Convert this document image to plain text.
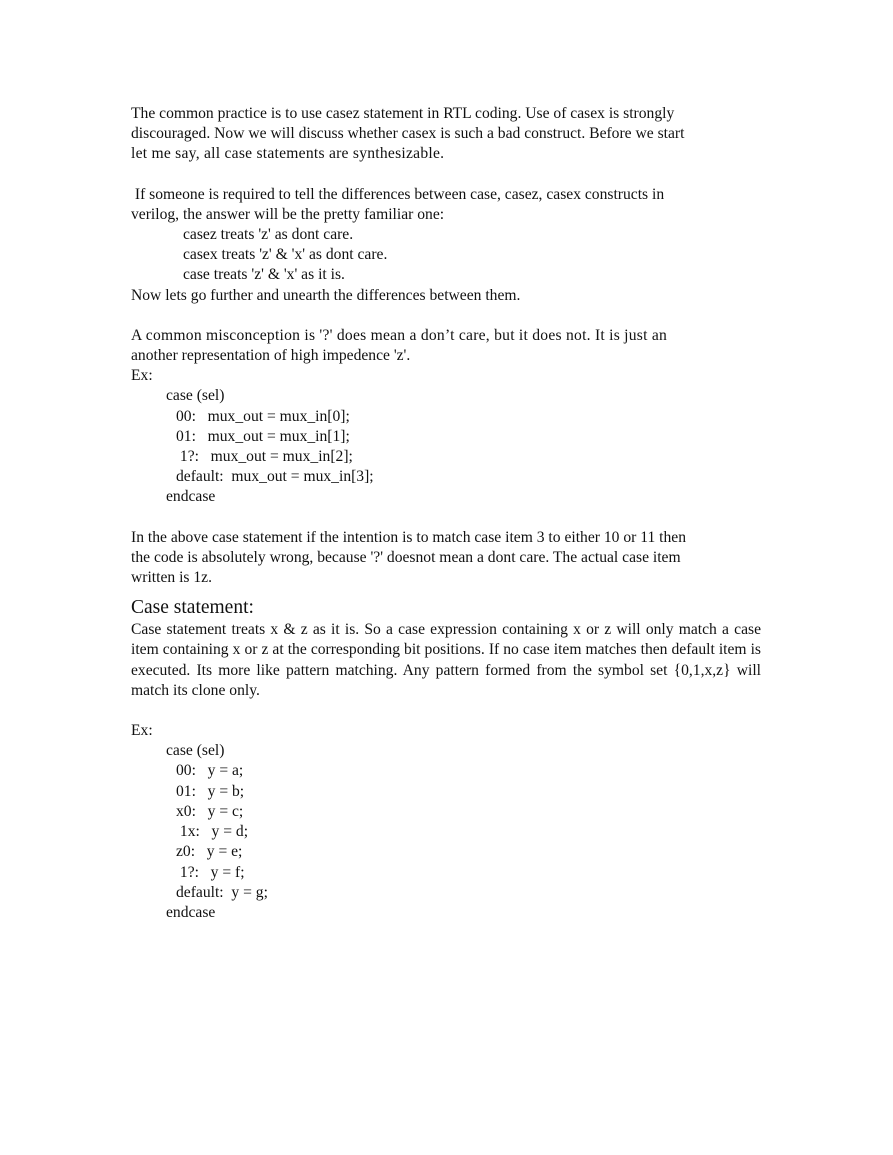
The common practice is to use casez statement in RTL coding. Use of casex is strongly

discouraged. Now we will discuss whether casex is such a bad construct. Before we start

let me say, all case statements are synthesizable.

If someone is required to tell the differences between case, casez, casex constructs in

verilog, the answer will be the pretty familiar one:

casez treats 'z' as dont care.

casex treats 'z' & 'x' as dont care.

case treats 'z' & 'x' as it is.

Now lets go further and unearth the differences between them.

A common misconception is '?' does mean a don’t care, but it does not. It is just an

another representation of high impedence 'z'.

Ex:

case (sel)
00:   mux_out = mux_in[0];
01:   mux_out = mux_in[1];
1?:   mux_out = mux_in[2];
default:  mux_out = mux_in[3];
endcase

In the above case statement if the intention is to match case item 3 to either 10 or 11 then

the code is absolutely wrong, because '?' doesnot mean a dont care. The actual case item

written is 1z.

Case statement:

Case statement treats x & z as it is. So a case expression containing x or z will only match a case item containing x or z at the corresponding bit positions. If no case item matches then default item is executed. Its more like pattern matching. Any pattern formed from the symbol set {0,1,x,z} will match its clone only.

Ex:

case (sel)
00:   y = a;
01:   y = b;
x0:   y = c;
1x:   y = d;
z0:   y = e;
1?:   y = f;
default:  y = g;
endcase
